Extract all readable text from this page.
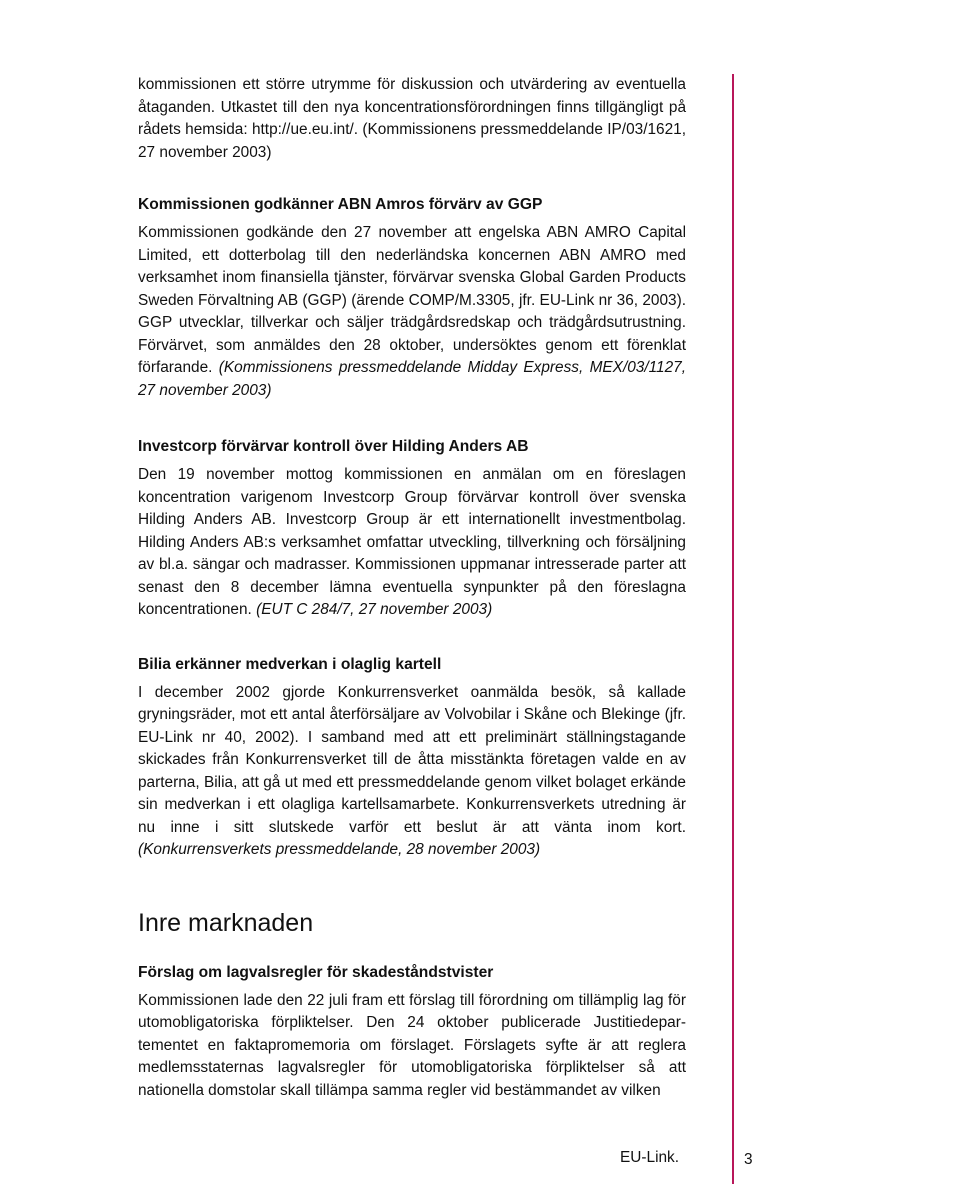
kommissionen ett större utrymme för diskussion och utvärdering av eventuella åtaganden. Utkastet till den nya koncentrationsförordningen finns tillgängligt på rådets hemsida: http://ue.eu.int/. (Kommissionens pressmeddelande IP/03/1621, 27 november 2003)

Kommissionen godkänner ABN Amros förvärv av GGP

Kommissionen godkände den 27 november att engelska ABN AMRO Capital Limited, ett dotterbolag till den nederländska koncernen ABN AMRO med verksamhet inom finansiella tjänster, förvärvar svenska Global Garden Products Sweden Förvaltning AB (GGP) (ärende COMP/M.3305, jfr. EU-Link nr 36, 2003). GGP utvecklar, tillverkar och säljer trädgårdsredskap och trädgårdsutrustning. Förvärvet, som anmäldes den 28 oktober, undersöktes genom ett förenklat förfarande. (Kommissionens pressmeddelande Midday Express, MEX/03/1127, 27 november 2003)

Investcorp förvärvar kontroll över Hilding Anders AB

Den 19 november mottog kommissionen en anmälan om en föreslagen koncentration varigenom Investcorp Group förvärvar kontroll över svenska Hilding Anders AB. Investcorp Group är ett internationellt investmentbolag. Hilding Anders AB:s verksamhet omfattar utveckling, tillverkning och försäljning av bl.a. sängar och madrasser. Kommissionen uppmanar intresserade parter att senast den 8 december lämna eventuella synpunkter på den föreslagna koncentrationen. (EUT C 284/7, 27 november 2003)

Bilia erkänner medverkan i olaglig kartell

I december 2002 gjorde Konkurrensverket oanmälda besök, så kallade gryningsräder, mot ett antal återförsäljare av Volvobilar i Skåne och Blekinge (jfr. EU-Link nr 40, 2002). I samband med att ett preliminärt ställningstagande skickades från Konkurrensverket till de åtta misstänkta företagen valde en av parterna, Bilia, att gå ut med ett pressmeddelande genom vilket bolaget erkände sin medverkan i ett olagliga kartellsamarbete. Konkurrensverkets utredning är nu inne i sitt slutskede varför ett beslut är att vänta inom kort. (Konkurrensverkets pressmeddelande, 28 november 2003)

Inre marknaden
Förslag om lagvalsregler för skadeståndstvister

Kommissionen lade den 22 juli fram ett förslag till förordning om tillämplig lag för utomobligatoriska förpliktelser. Den 24 oktober publicerade Justitiedepartementet en faktapromemoria om förslaget. Förslagets syfte är att reglera medlemsstaternas lagvalsregler för utomobligatoriska förpliktelser så att nationella domstolar skall tillämpa samma regler vid bestämmandet av vilken

EU-Link.	3
